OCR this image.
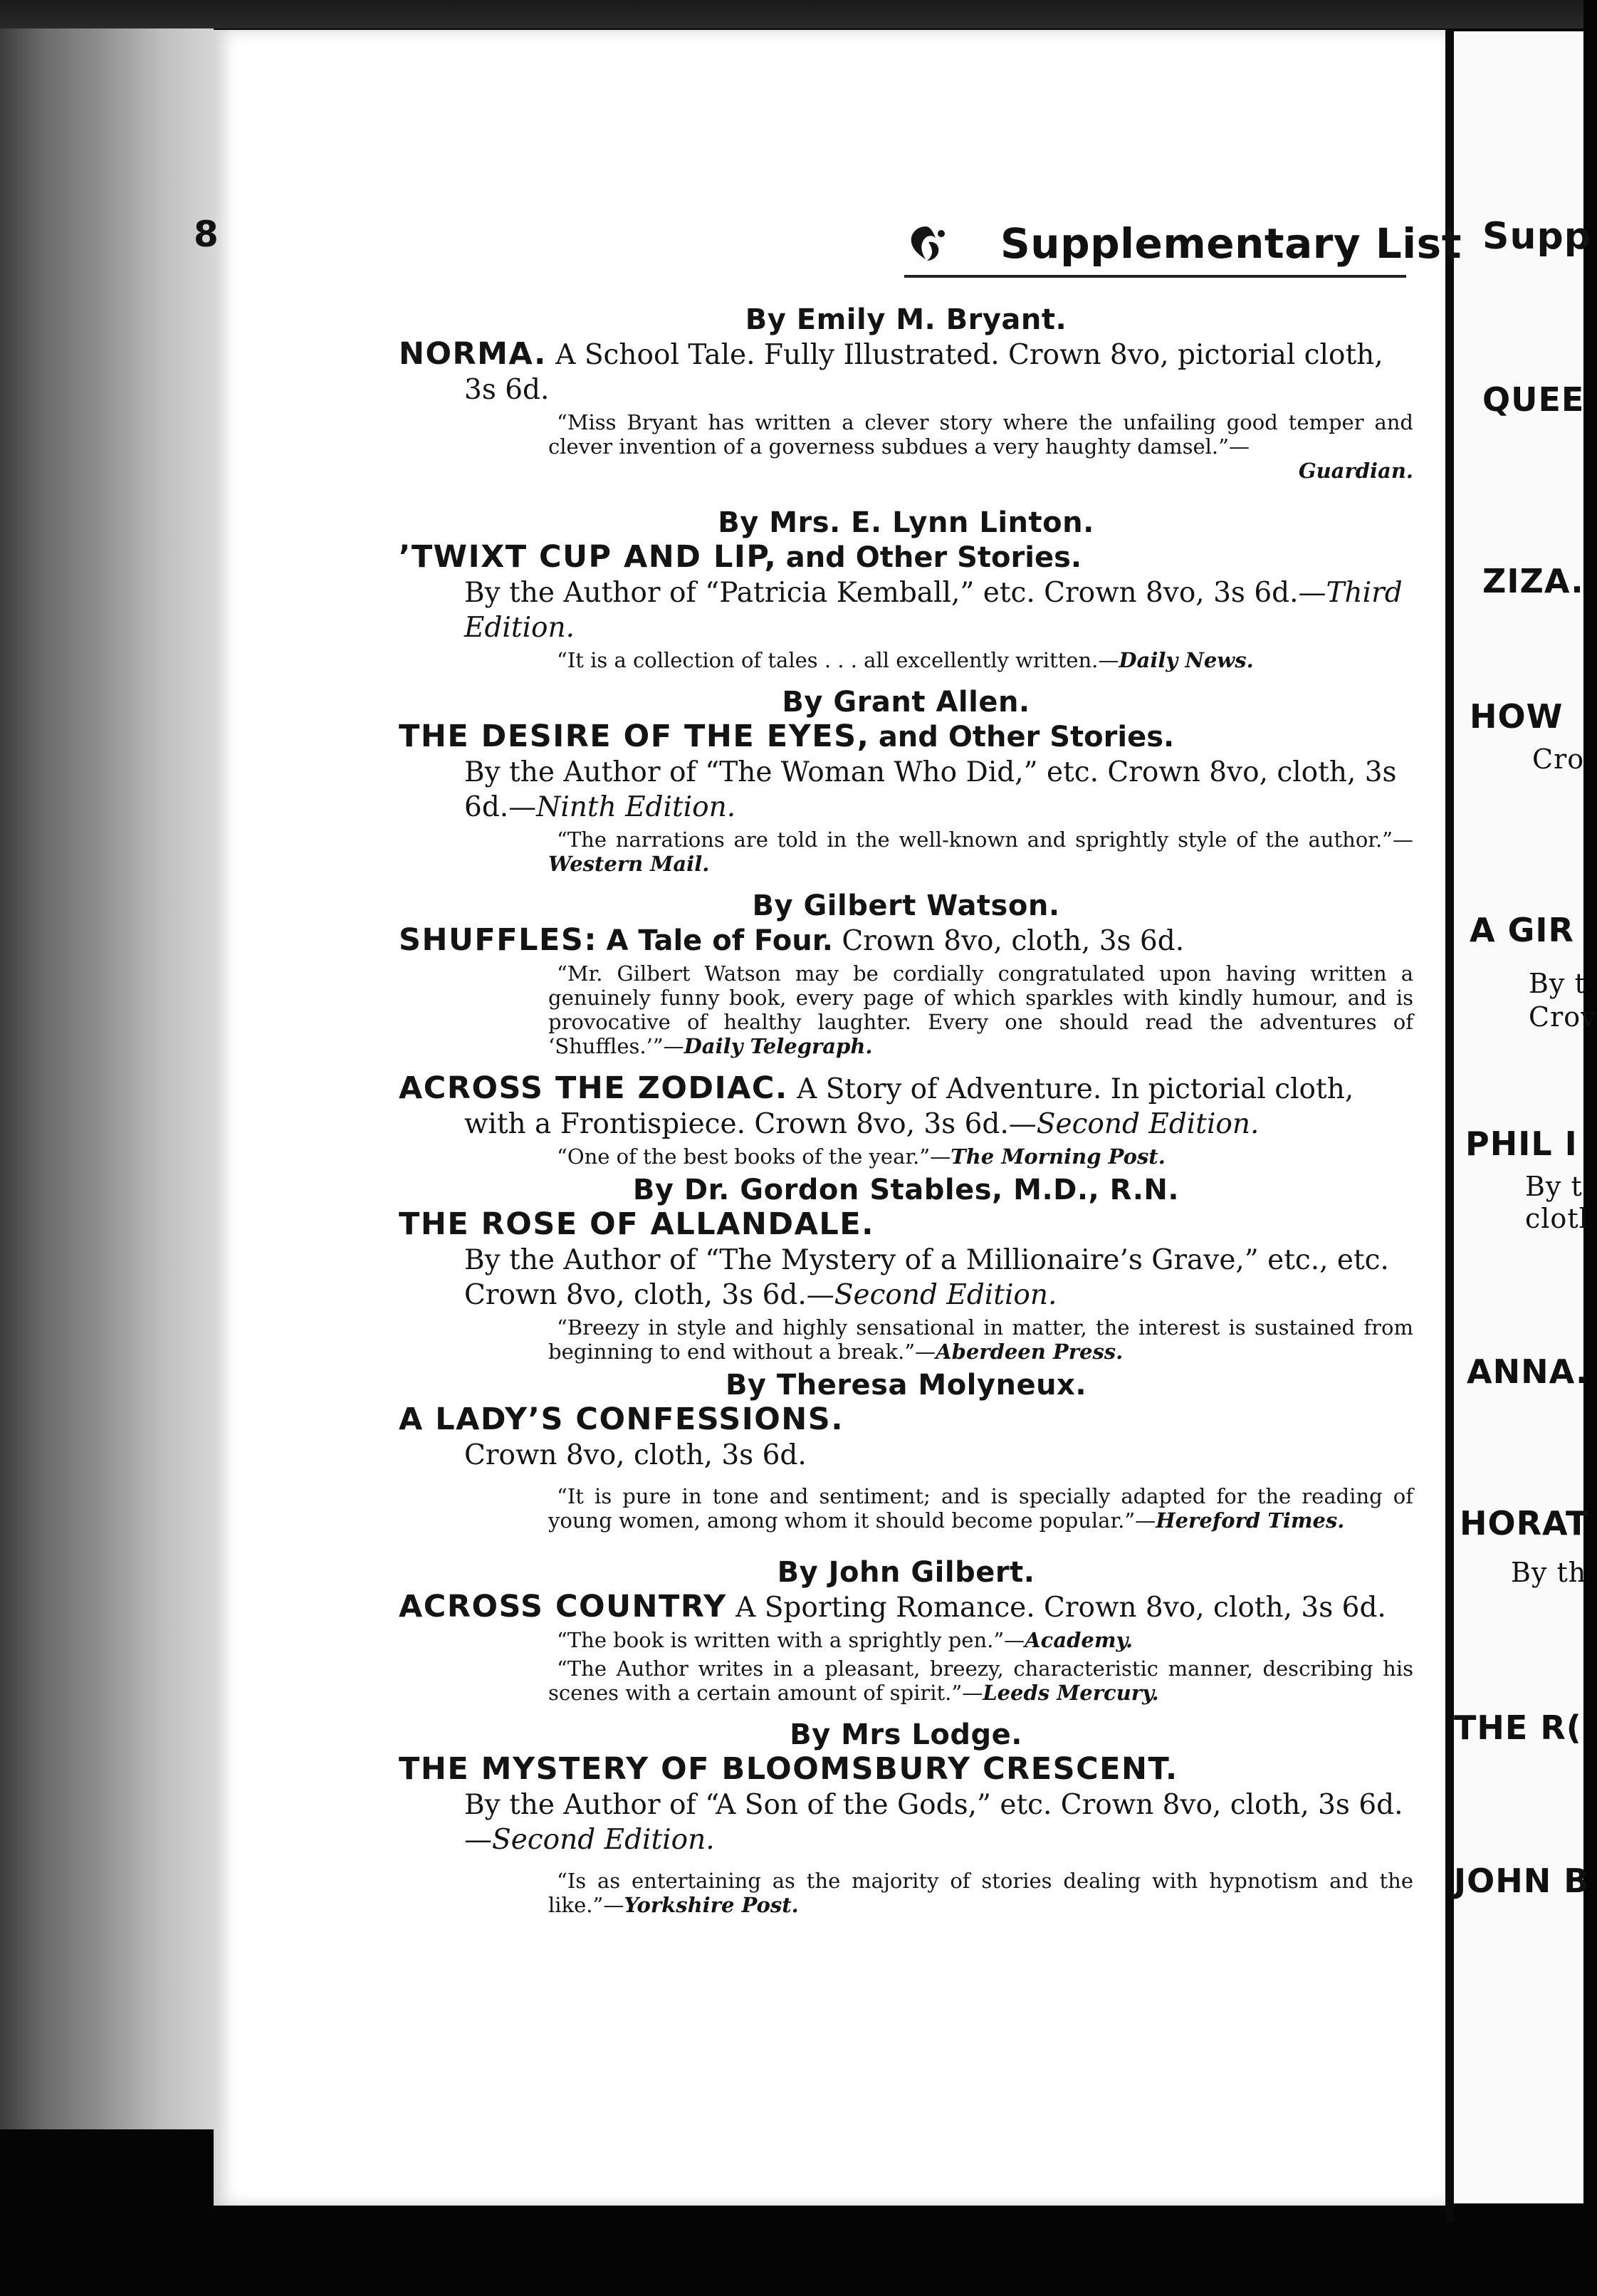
Supp
QUEE
ZIZA.
HOW
Cro
A GIR
By t
Crov
PHIL I
By t
clotl
ANNA.
HORAT
By th
THE R(
JOHN B
8	Supplementary List

By Emily M. Bryant.

NORMA. A School Tale. Fully Illustrated. Crown 8vo, pictorial cloth, 3s 6d.

“Miss Bryant has written a clever story where the unfailing good temper and clever invention of a governess subdues a very haughty damsel.”—
Guardian.

By Mrs. E. Lynn Linton.

’TWIXT CUP AND LIP, and Other Stories.

By the Author of “Patricia Kemball,” etc. Crown 8vo, 3s 6d.—Third Edition.

“It is a collection of tales . . . all excellently written.—Daily News.

By Grant Allen.

THE DESIRE OF THE EYES, and Other Stories.

By the Author of “The Woman Who Did,” etc. Crown 8vo, cloth, 3s 6d.—Ninth Edition.

“The narrations are told in the well-known and sprightly style of the author.”—Western Mail.

By Gilbert Watson.

SHUFFLES: A Tale of Four. Crown 8vo, cloth, 3s 6d.

“Mr. Gilbert Watson may be cordially congratulated upon having written a genuinely funny book, every page of which sparkles with kindly humour, and is provocative of healthy laughter. Every one should read the adventures of ‘Shuffles.’”—Daily Telegraph.

ACROSS THE ZODIAC. A Story of Adventure. In pictorial cloth, with a Frontispiece. Crown 8vo, 3s 6d.—Second Edition.

“One of the best books of the year.”—The Morning Post.

By Dr. Gordon Stables, M.D., R.N.

THE ROSE OF ALLANDALE.

By the Author of “The Mystery of a Millionaire’s Grave,” etc., etc. Crown 8vo, cloth, 3s 6d.—Second Edition.

“Breezy in style and highly sensational in matter, the interest is sustained from beginning to end without a break.”—Aberdeen Press.

By Theresa Molyneux.

A LADY’S CONFESSIONS.

Crown 8vo, cloth, 3s 6d.

“It is pure in tone and sentiment; and is specially adapted for the reading of young women, among whom it should become popular.”—Hereford Times.

By John Gilbert.

ACROSS COUNTRY A Sporting Romance. Crown 8vo, cloth, 3s 6d.

“The book is written with a sprightly pen.”—Academy.

“The Author writes in a pleasant, breezy, characteristic manner, describing his scenes with a certain amount of spirit.”—Leeds Mercury.

By Mrs Lodge.

THE MYSTERY OF BLOOMSBURY CRESCENT.

By the Author of “A Son of the Gods,” etc. Crown 8vo, cloth, 3s 6d.—Second Edition.

“Is as entertaining as the majority of stories dealing with hypnotism and the like.”—Yorkshire Post.
